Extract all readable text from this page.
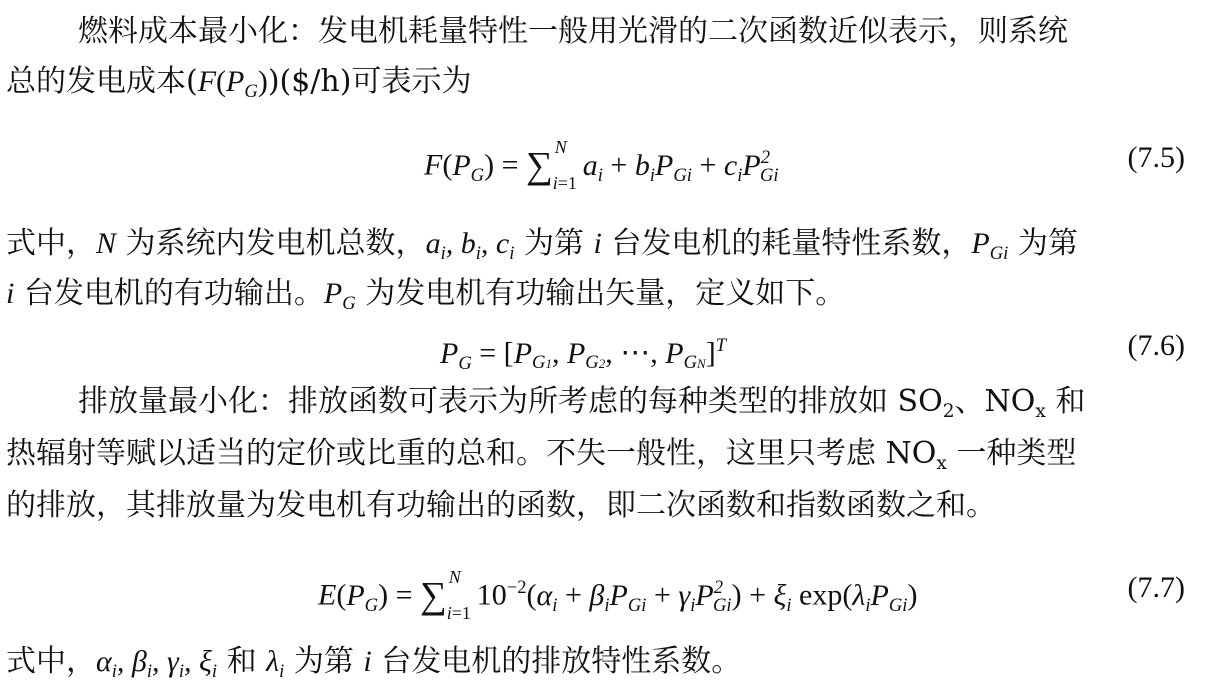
燃料成本最小化：发电机耗量特性一般用光滑的二次函数近似表示，则系统
总的发电成本$(F(P_G))(\$/h)$可表示为
$F(P_G)$ = ∑ N
i=1
$a_i + b_iP_{Gi} + c_iP^2_{Gi}$
(7.5)
式中，N 为系统内发电机总数，$a_i$, $b_i$, $c_i$ 为第 i 台发电机的耗量特性系数，$P_{Gi}$ 为第
i 台发电机的有功输出。$P_G$ 为发电机有功输出矢量，定义如下。
$P_G = [P_{G1}$, $P_{G2}$, ⋯, $P_{GN}]^T$	(7.6)
排放量最小化：排放函数可表示为所考虑的每种类型的排放如 $SO_2$、$NO_x$ 和
热辐射等赋以适当的定价或比重的总和。不失一般性，这里只考虑 $NO_x$ 一种类型
的排放，其排放量为发电机有功输出的函数，即二次函数和指数函数之和。
$E(P_G)$ = ∑ N
i=1
$10^{-2}(\alpha_i + \beta_iP_{Gi} + \gamma_iP^2_{Gi}) + \xi_i$ $\exp(\lambda_iP_{Gi})$	(7.7)
式中，$\alpha_i$, $\beta_i$, $\gamma_i$, $\xi_i$ 和 $\lambda_i$ 为第 i 台发电机的排放特性系数。
